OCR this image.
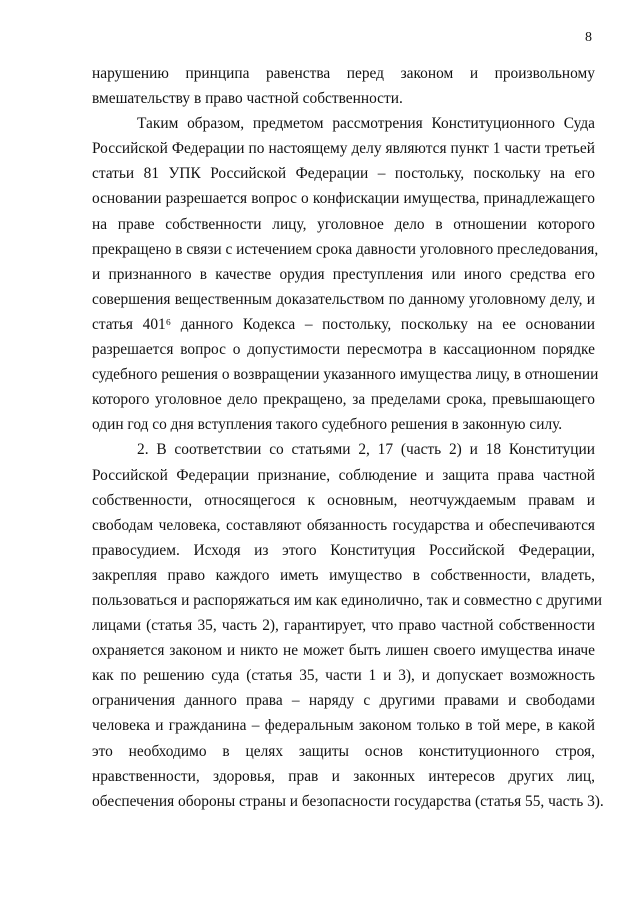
8
нарушению принципа равенства перед законом и произвольному
вмешательству в право частной собственности.
Таким образом, предметом рассмотрения Конституционного Суда
Российской Федерации по настоящему делу являются пункт 1 части третьей
статьи 81 УПК Российской Федерации – постольку, поскольку на его
основании разрешается вопрос о конфискации имущества, принадлежащего
на праве собственности лицу, уголовное дело в отношении которого
прекращено в связи с истечением срока давности уголовного преследования,
и признанного в качестве орудия преступления или иного средства его
совершения вещественным доказательством по данному уголовному делу, и
статья 401⁶ данного Кодекса – постольку, поскольку на ее основании
разрешается вопрос о допустимости пересмотра в кассационном порядке
судебного решения о возвращении указанного имущества лицу, в отношении
которого уголовное дело прекращено, за пределами срока, превышающего
один год со дня вступления такого судебного решения в законную силу.
2. В соответствии со статьями 2, 17 (часть 2) и 18 Конституции
Российской Федерации признание, соблюдение и защита права частной
собственности, относящегося к основным, неотчуждаемым правам и
свободам человека, составляют обязанность государства и обеспечиваются
правосудием. Исходя из этого Конституция Российской Федерации,
закрепляя право каждого иметь имущество в собственности, владеть,
пользоваться и распоряжаться им как единолично, так и совместно с другими
лицами (статья 35, часть 2), гарантирует, что право частной собственности
охраняется законом и никто не может быть лишен своего имущества иначе
как по решению суда (статья 35, части 1 и 3), и допускает возможность
ограничения данного права – наряду с другими правами и свободами
человека и гражданина – федеральным законом только в той мере, в какой
это необходимо в целях защиты основ конституционного строя,
нравственности, здоровья, прав и законных интересов других лиц,
обеспечения обороны страны и безопасности государства (статья 55, часть 3).
